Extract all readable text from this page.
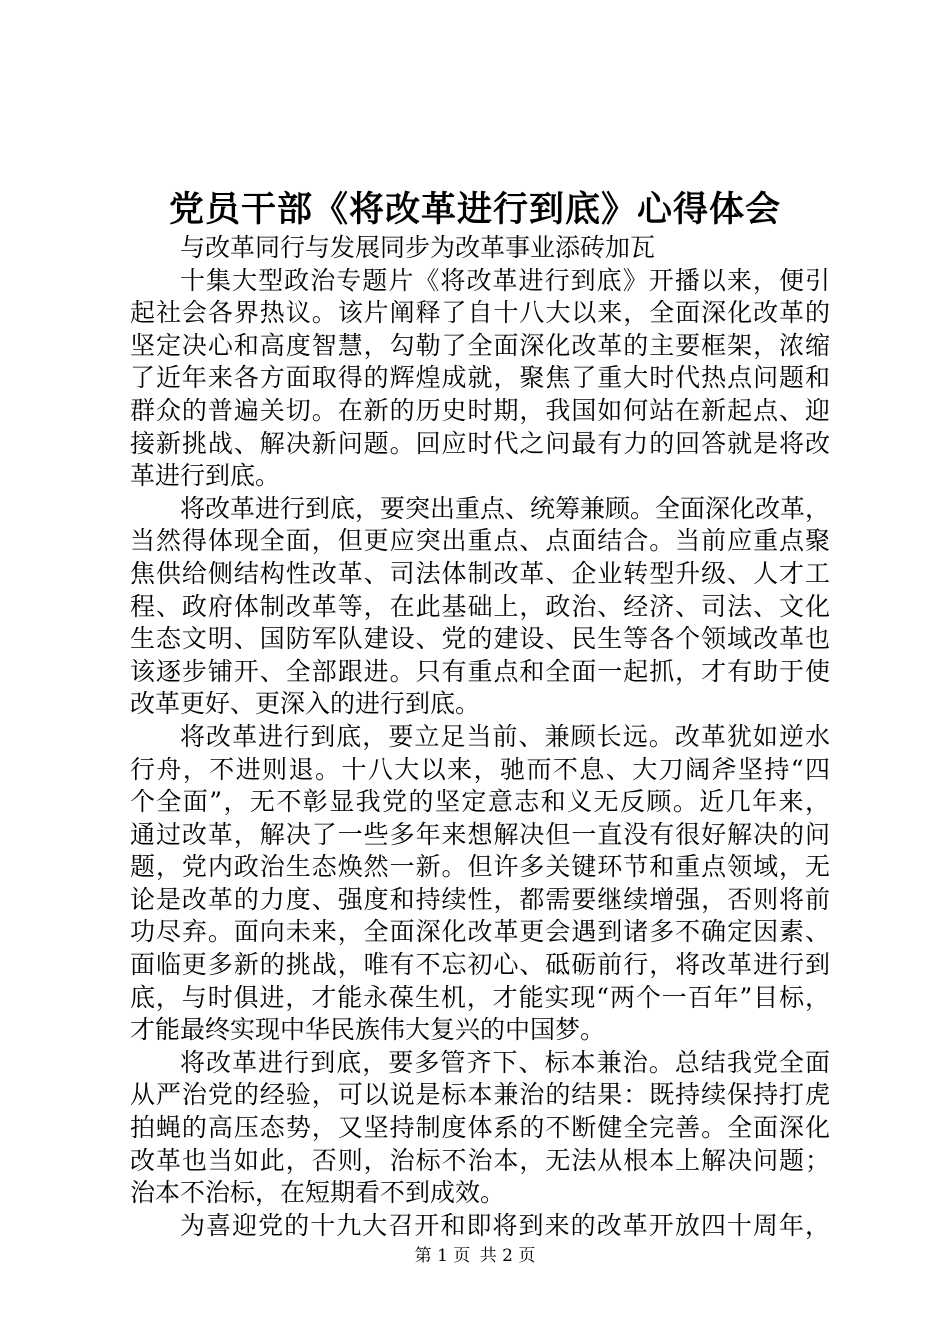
党员干部《将改革进行到底》心得体会
与改革同行与发展同步为改革事业添砖加瓦
十集大型政治专题片《将改革进行到底》开播以来，便引
起社会各界热议。该片阐释了自十八大以来，全面深化改革的
坚定决心和高度智慧，勾勒了全面深化改革的主要框架，浓缩
了近年来各方面取得的辉煌成就，聚焦了重大时代热点问题和
群众的普遍关切。在新的历史时期，我国如何站在新起点、迎
接新挑战、解决新问题。回应时代之问最有力的回答就是将改
革进行到底。
将改革进行到底，要突出重点、统筹兼顾。全面深化改革，
当然得体现全面，但更应突出重点、点面结合。当前应重点聚
焦供给侧结构性改革、司法体制改革、企业转型升级、人才工
程、政府体制改革等，在此基础上，政治、经济、司法、文化
生态文明、国防军队建设、党的建设、民生等各个领域改革也
该逐步铺开、全部跟进。只有重点和全面一起抓，才有助于使
改革更好、更深入的进行到底。
将改革进行到底，要立足当前、兼顾长远。改革犹如逆水
行舟，不进则退。十八大以来，驰而不息、大刀阔斧坚持“四
个全面”，无不彰显我党的坚定意志和义无反顾。近几年来，
通过改革，解决了一些多年来想解决但一直没有很好解决的问
题，党内政治生态焕然一新。但许多关键环节和重点领域，无
论是改革的力度、强度和持续性，都需要继续增强，否则将前
功尽弃。面向未来，全面深化改革更会遇到诸多不确定因素、
面临更多新的挑战，唯有不忘初心、砥砺前行，将改革进行到
底，与时俱进，才能永葆生机，才能实现“两个一百年”目标，
才能最终实现中华民族伟大复兴的中国梦。
将改革进行到底，要多管齐下、标本兼治。总结我党全面
从严治党的经验，可以说是标本兼治的结果：既持续保持打虎
拍蝇的高压态势，又坚持制度体系的不断健全完善。全面深化
改革也当如此，否则，治标不治本，无法从根本上解决问题；
治本不治标，在短期看不到成效。
为喜迎党的十九大召开和即将到来的改革开放四十周年，
第 1 页 共 2 页
